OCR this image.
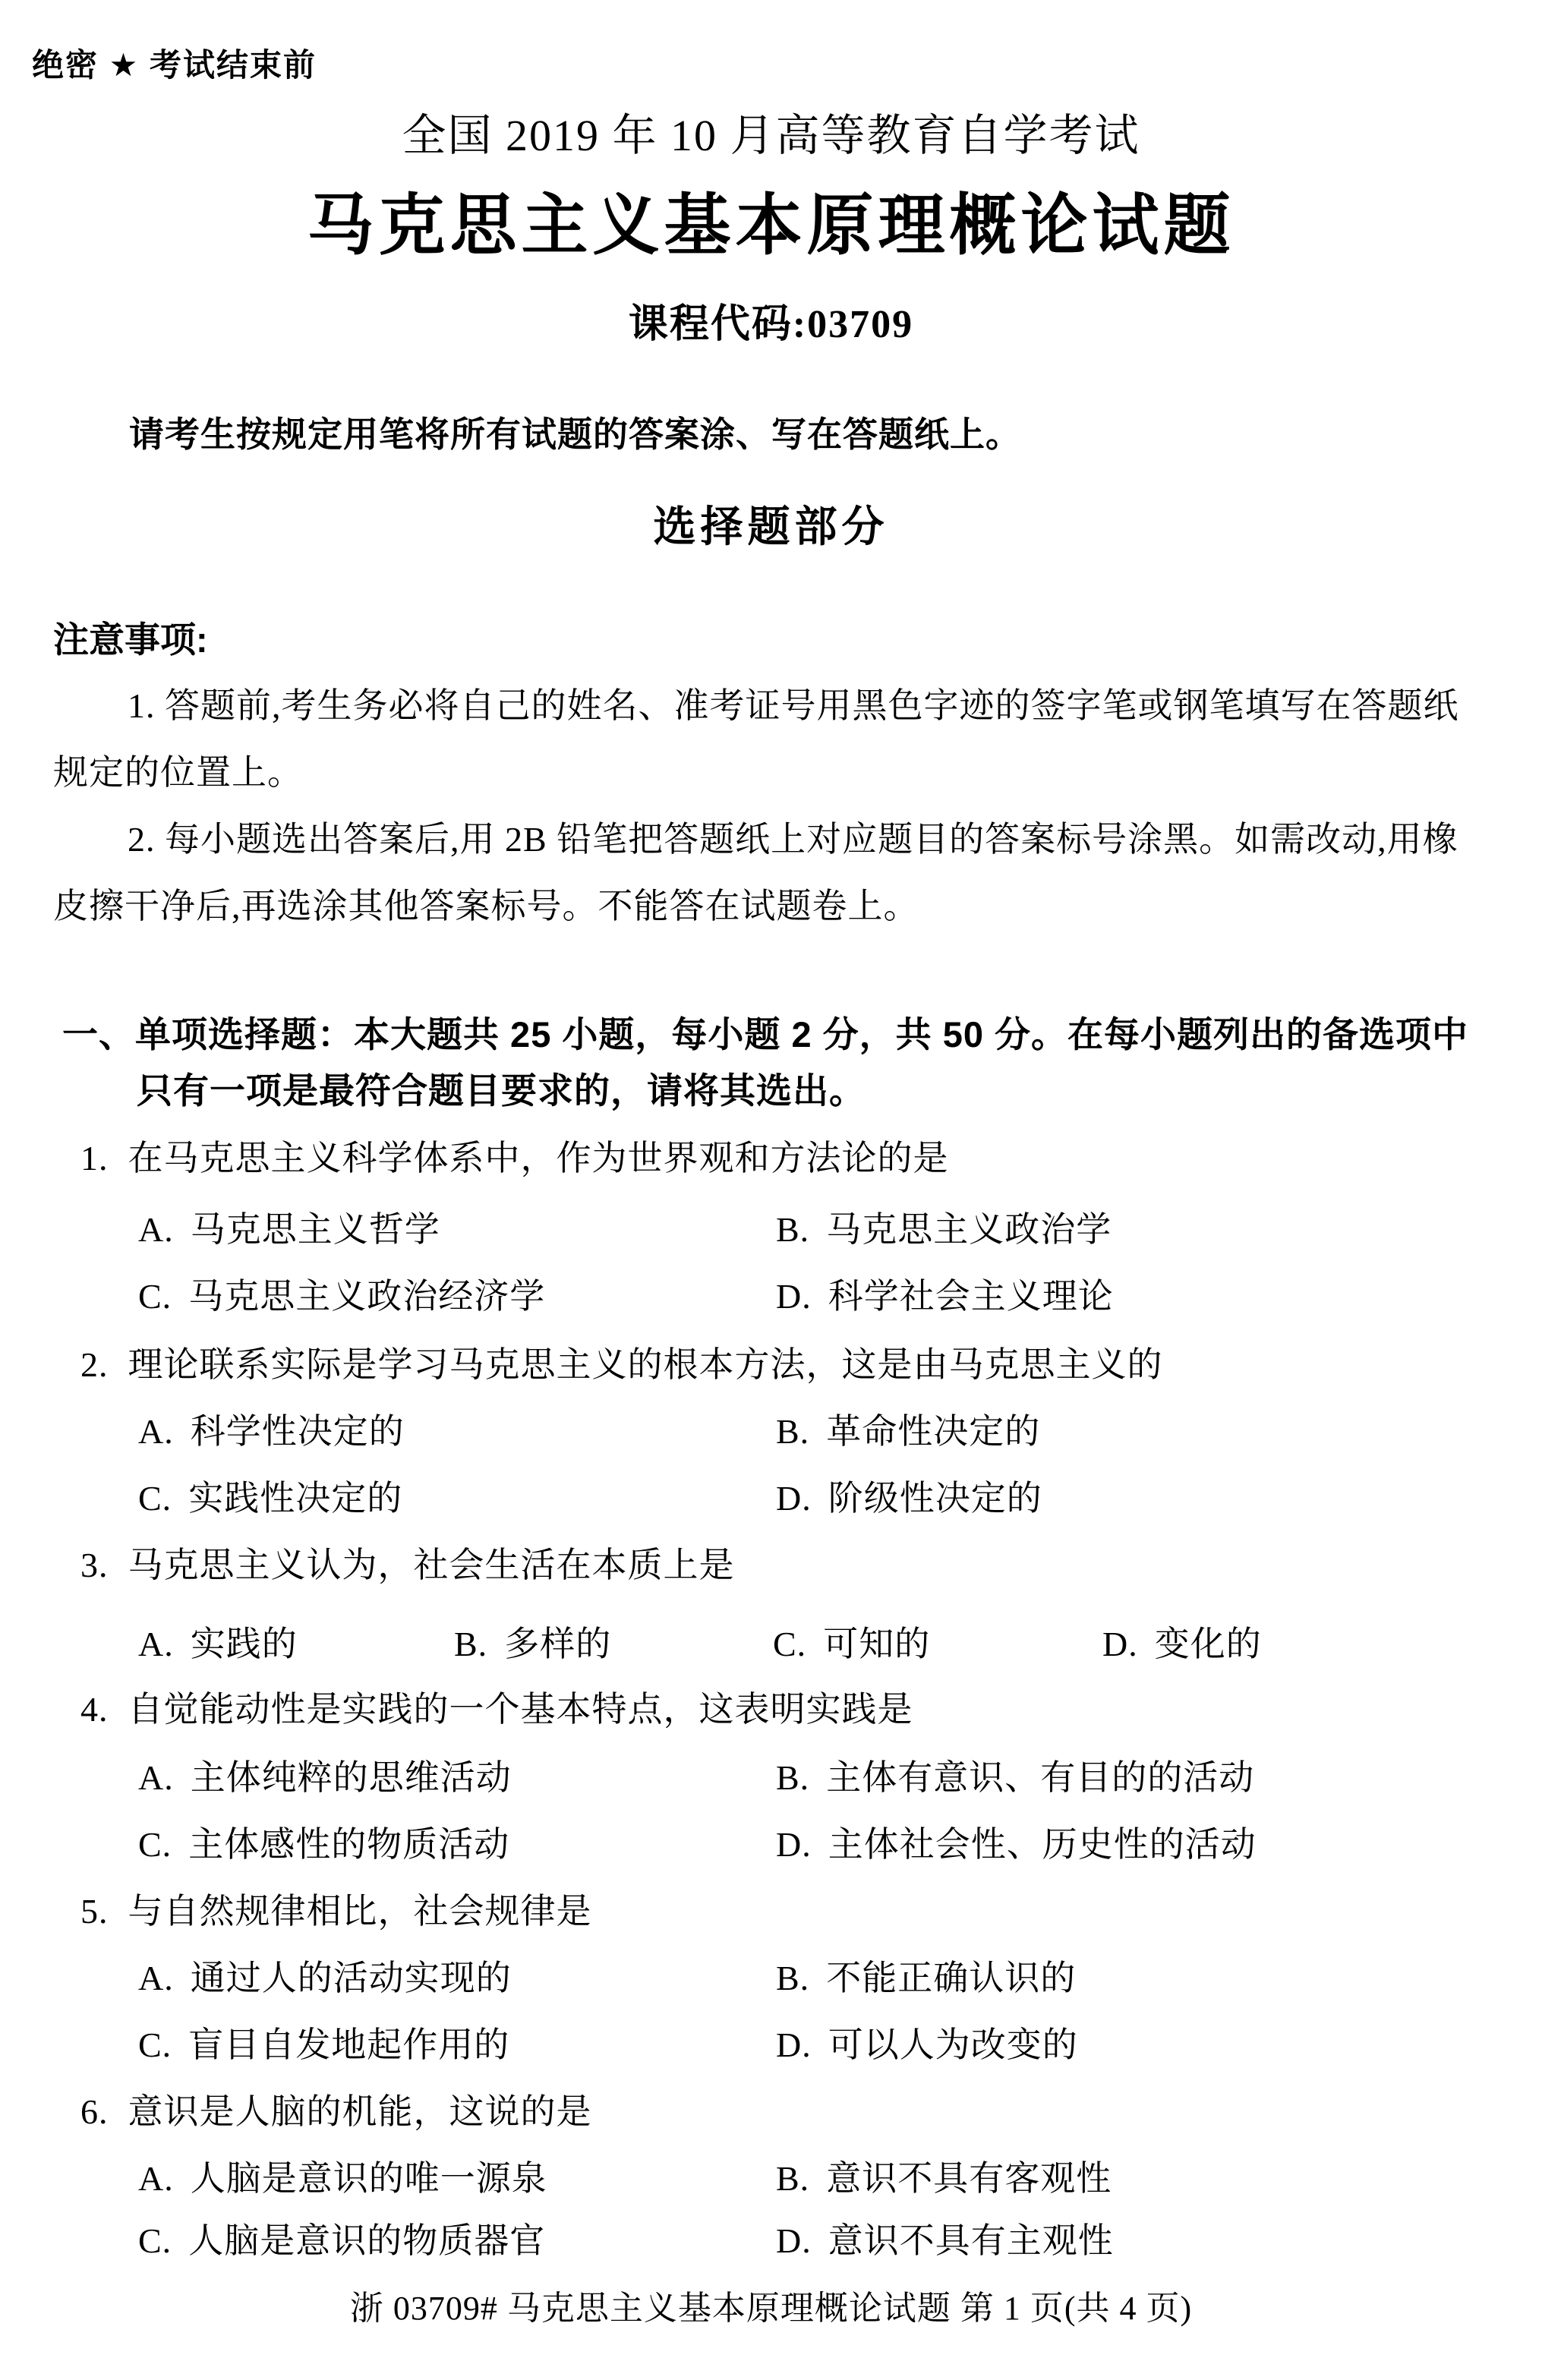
绝密 ★ 考试结束前
全国 2019 年 10 月高等教育自学考试
马克思主义基本原理概论试题
课程代码:03709
请考生按规定用笔将所有试题的答案涂、写在答题纸上。
选择题部分
注意事项:
1. 答题前,考生务必将自己的姓名、准考证号用黑色字迹的签字笔或钢笔填写在答题纸
规定的位置上。
2. 每小题选出答案后,用 2B 铅笔把答题纸上对应题目的答案标号涂黑。如需改动,用橡
皮擦干净后,再选涂其他答案标号。不能答在试题卷上。
一、单项选择题：本大题共 25 小题，每小题 2 分，共 50 分。在每小题列出的备选项中
只有一项是最符合题目要求的，请将其选出。
1. 在马克思主义科学体系中，作为世界观和方法论的是
A. 马克思主义哲学	B. 马克思主义政治学
C. 马克思主义政治经济学	D. 科学社会主义理论
2. 理论联系实际是学习马克思主义的根本方法，这是由马克思主义的
A. 科学性决定的	B. 革命性决定的
C. 实践性决定的	D. 阶级性决定的
3. 马克思主义认为，社会生活在本质上是
A. 实践的	B. 多样的	C. 可知的	D. 变化的
4. 自觉能动性是实践的一个基本特点，这表明实践是
A. 主体纯粹的思维活动	B. 主体有意识、有目的的活动
C. 主体感性的物质活动	D. 主体社会性、历史性的活动
5. 与自然规律相比，社会规律是
A. 通过人的活动实现的	B. 不能正确认识的
C. 盲目自发地起作用的	D. 可以人为改变的
6. 意识是人脑的机能，这说的是
A. 人脑是意识的唯一源泉	B. 意识不具有客观性
C. 人脑是意识的物质器官	D. 意识不具有主观性
浙 03709# 马克思主义基本原理概论试题 第 1 页(共 4 页)
